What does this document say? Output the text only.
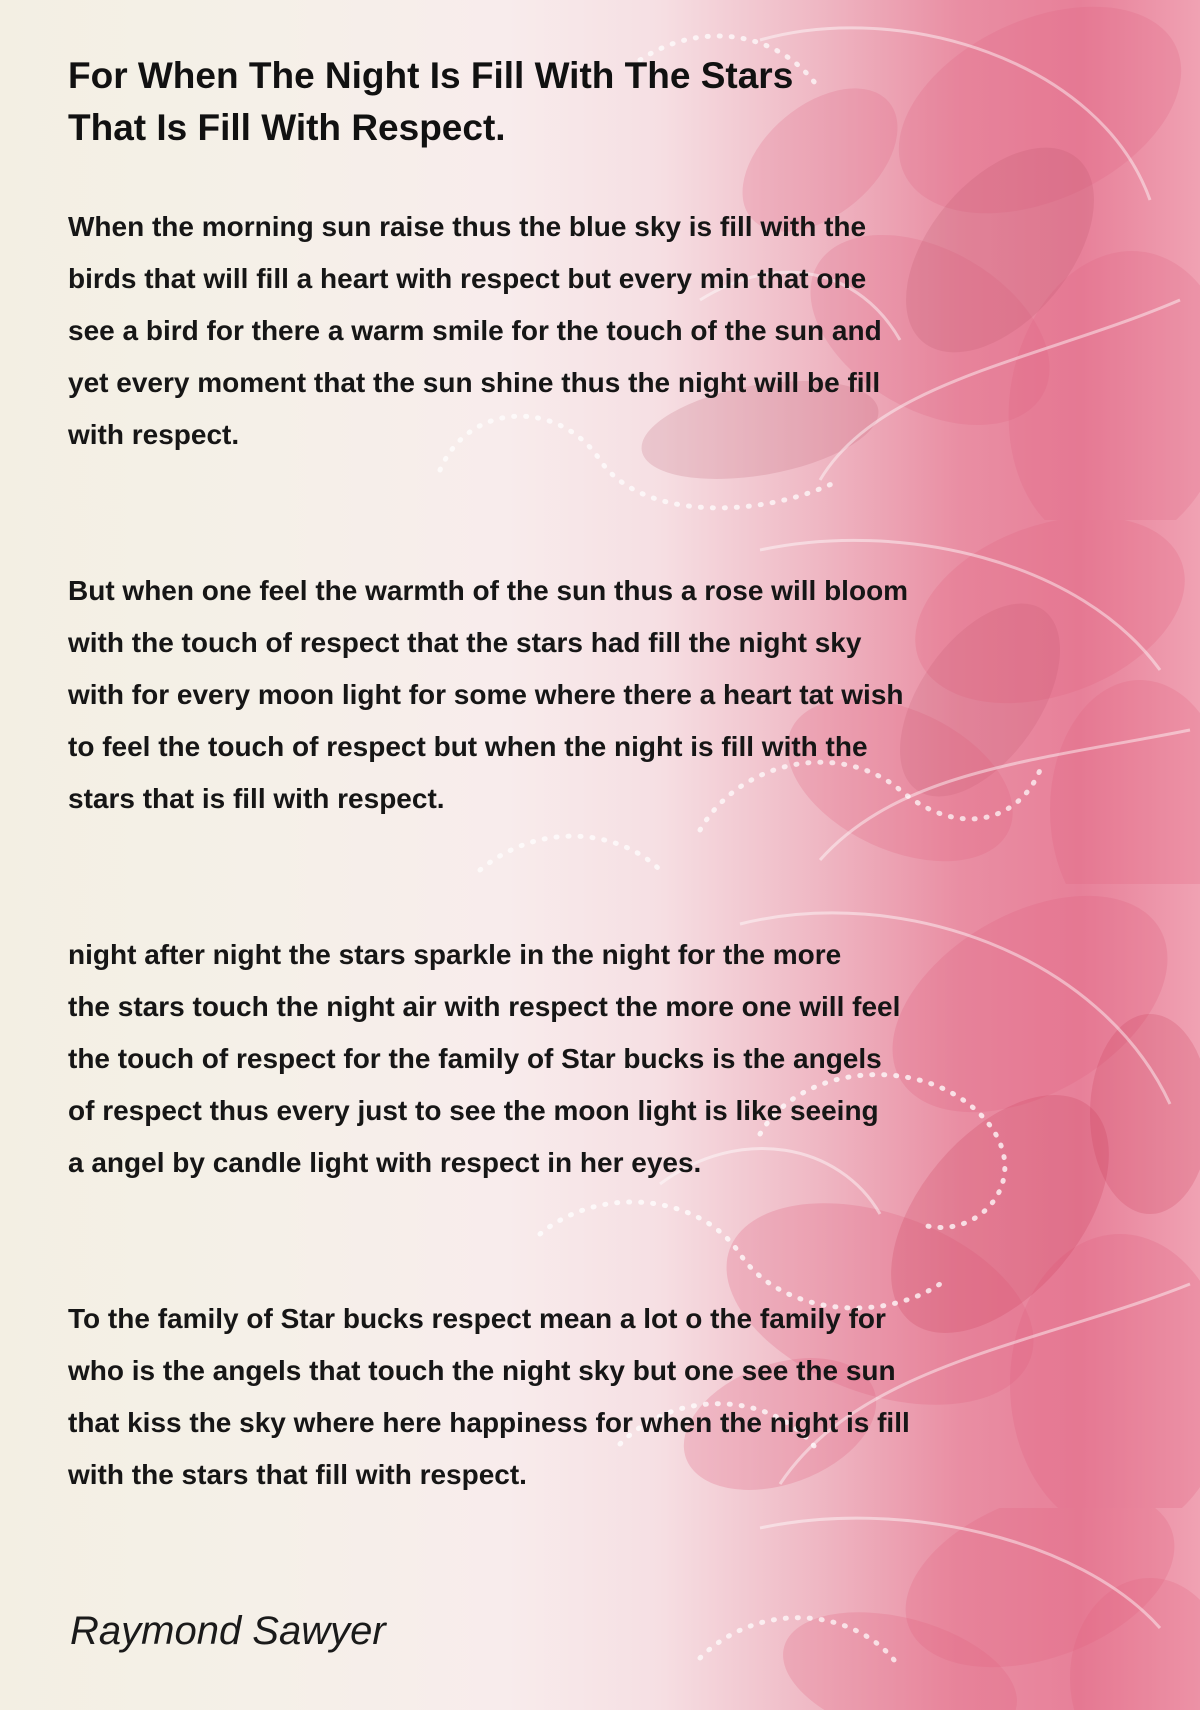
For When The Night Is Fill With The Stars
That Is Fill With Respect.

When the morning sun raise thus the blue sky is fill with the
birds that will fill a heart with respect but every min that one
see a bird for there a warm smile for the touch of the sun and
yet every moment that the sun shine thus the night will be fill
with respect.

But when one feel the warmth of the sun thus a rose will bloom
with the touch of respect that the stars had fill the night sky
with for every moon light for some where there a heart tat wish
to feel the touch of respect but when the night is fill with the
stars that is fill with respect.

night after night the stars sparkle in the night for the more
the stars touch the night air with respect the more one will feel
the touch of respect for the family of Star bucks is the angels
of respect thus every just to see the moon light is like seeing
a angel by candle light with respect in her eyes.

To the family of Star bucks respect mean a lot o the family for
who is the angels that touch the night sky but one see the sun
that kiss the sky where here happiness for when the night is fill
with the stars that fill with respect.

Raymond Sawyer
